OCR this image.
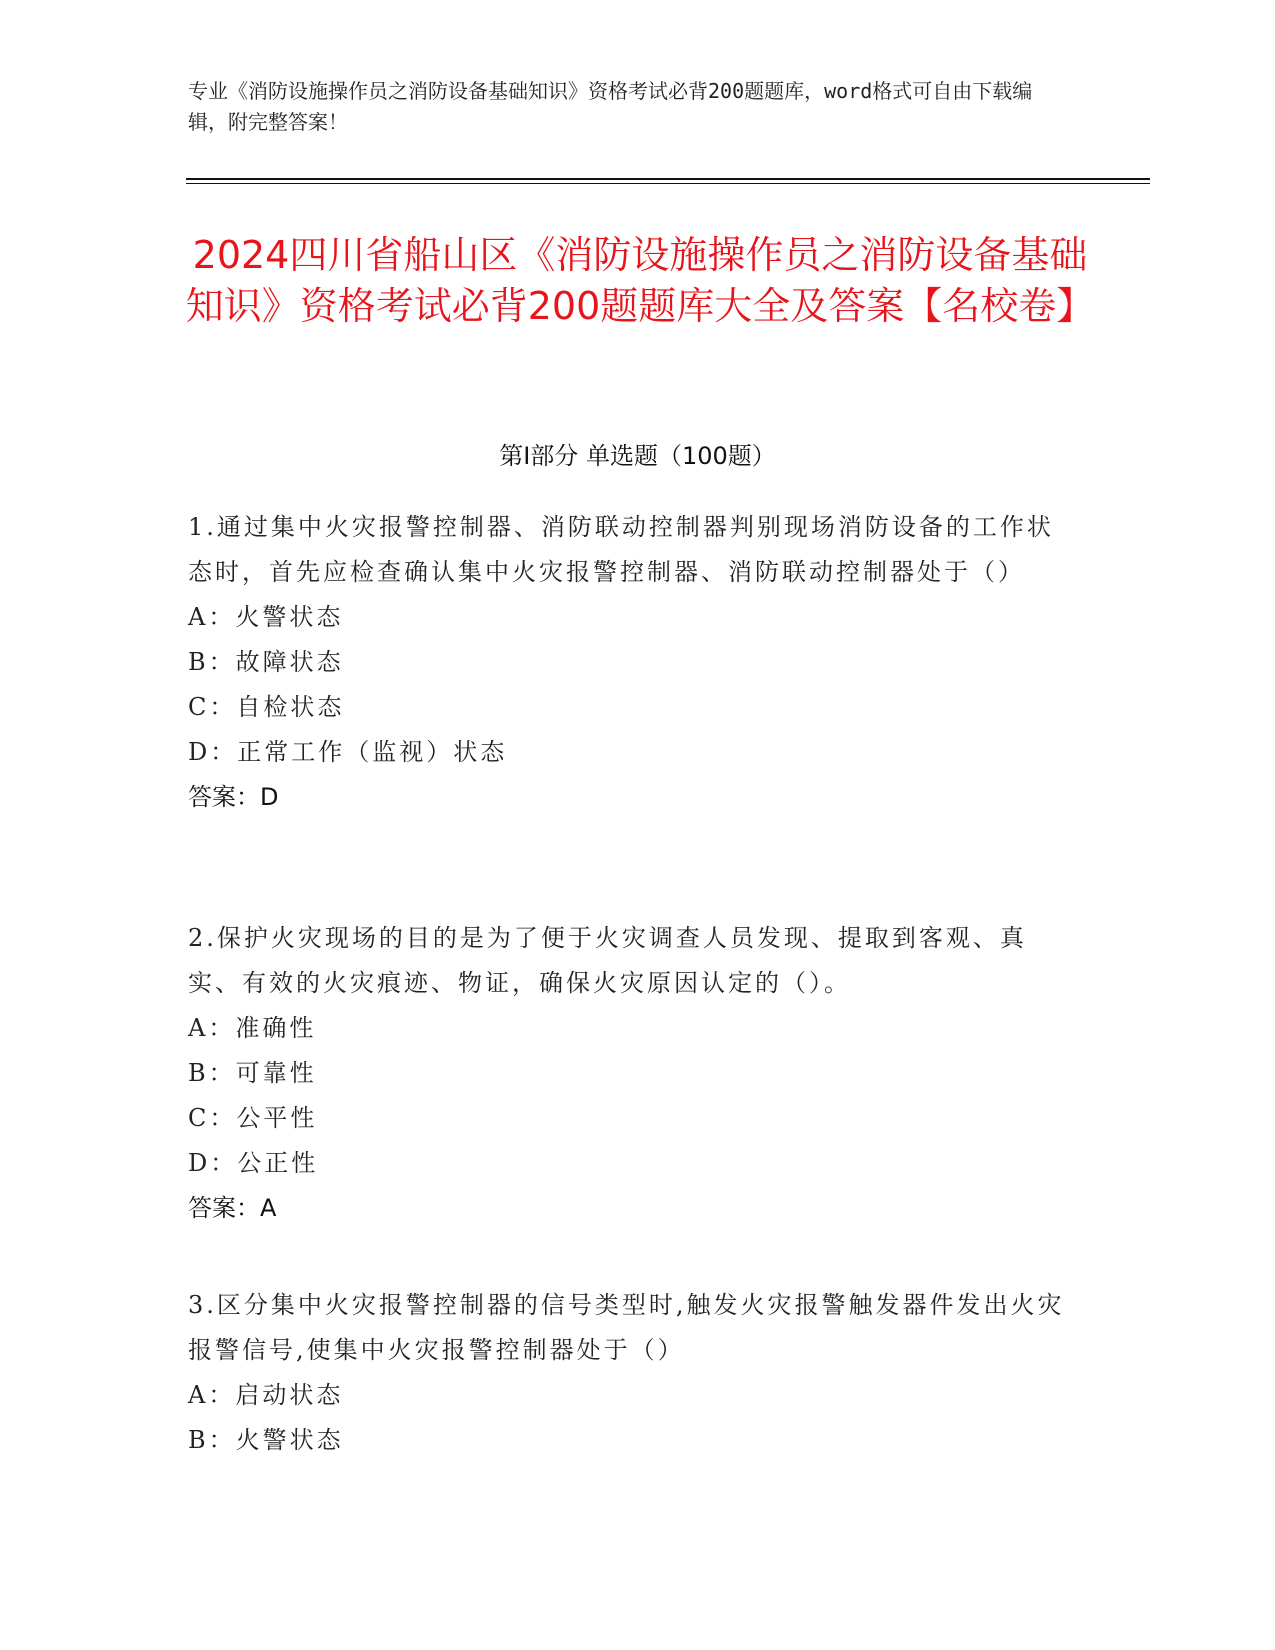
专业《消防设施操作员之消防设备基础知识》资格考试必背200题题库，word格式可自由下载编辑，附完整答案！
2024四川省船山区《消防设施操作员之消防设备基础知识》资格考试必背200题题库大全及答案【名校卷】
第I部分 单选题（100题）
1.通过集中火灾报警控制器、消防联动控制器判别现场消防设备的工作状态时，首先应检查确认集中火灾报警控制器、消防联动控制器处于（）
A：火警状态
B：故障状态
C：自检状态
D：正常工作（监视）状态
答案：D
2.保护火灾现场的目的是为了便于火灾调查人员发现、提取到客观、真实、有效的火灾痕迹、物证，确保火灾原因认定的（）。
A：准确性
B：可靠性
C：公平性
D：公正性
答案：A
3.区分集中火灾报警控制器的信号类型时,触发火灾报警触发器件发出火灾报警信号,使集中火灾报警控制器处于（）
A：启动状态
B：火警状态
